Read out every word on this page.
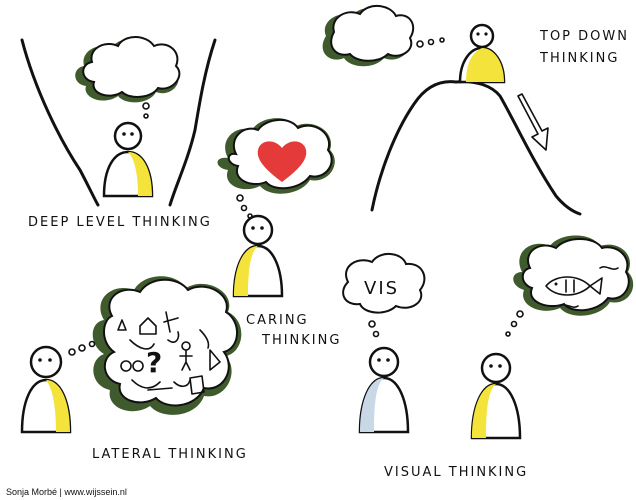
DEEP LEVEL THINKING
TOP DOWN
THINKING
CARING
THINKING
?
LATERAL THINKING
VIS
VISUAL THINKING
Sonja Morbé | www.wijssein.nl
